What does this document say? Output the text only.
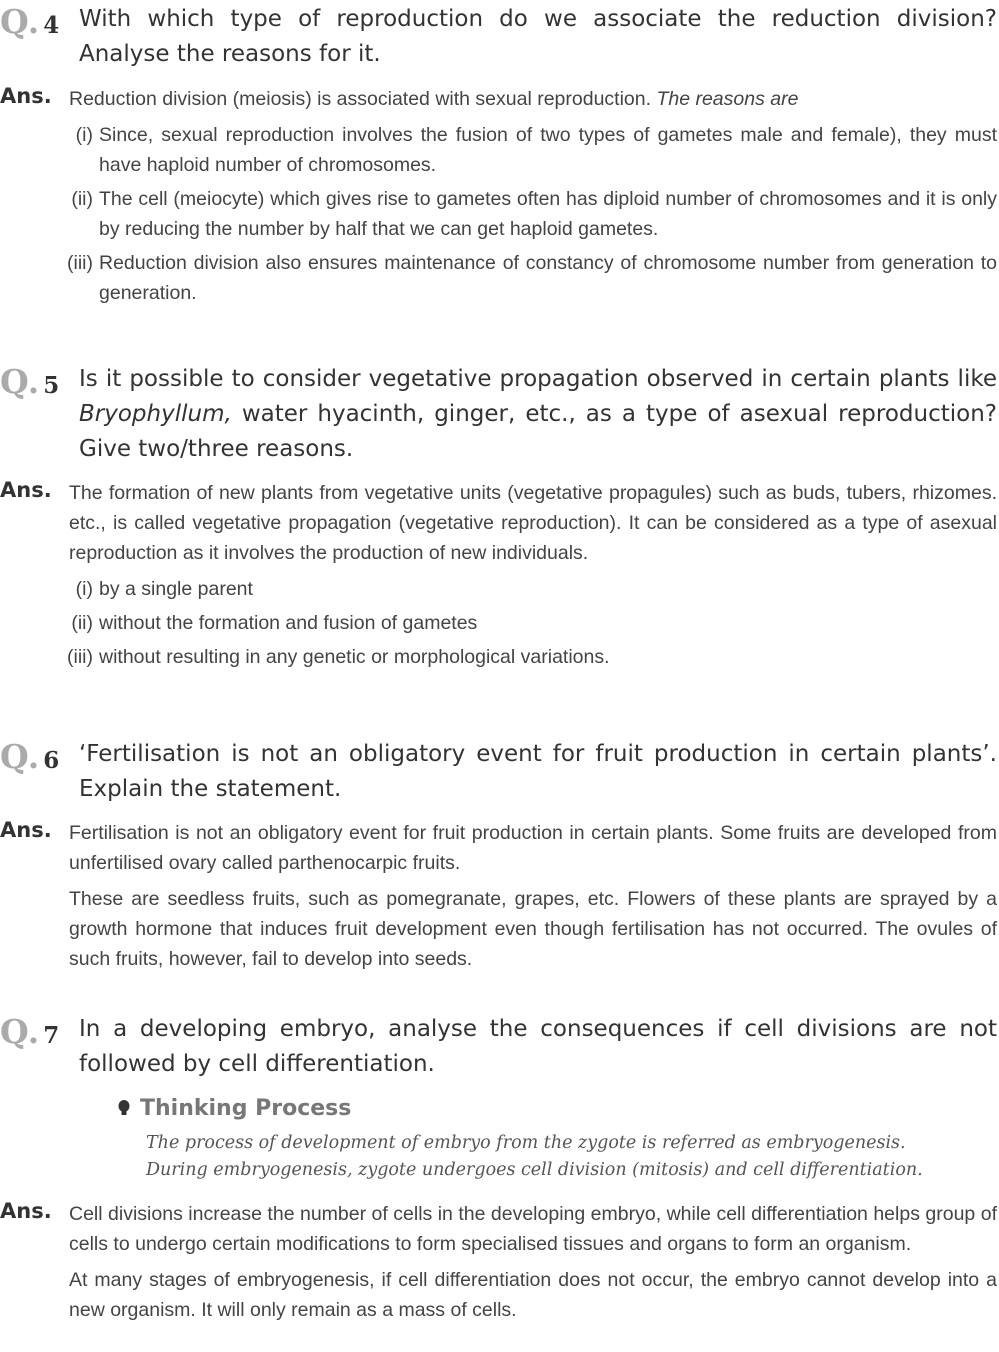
Q. 4 With which type of reproduction do we associate the reduction division? Analyse the reasons for it.
Ans. Reduction division (meiosis) is associated with sexual reproduction. The reasons are

(i) Since, sexual reproduction involves the fusion of two types of gametes male and female), they must have haploid number of chromosomes.
(ii) The cell (meiocyte) which gives rise to gametes often has diploid number of chromosomes and it is only by reducing the number by half that we can get haploid gametes.
(iii) Reduction division also ensures maintenance of constancy of chromosome number from generation to generation.
Q. 5 Is it possible to consider vegetative propagation observed in certain plants like Bryophyllum, water hyacinth, ginger, etc., as a type of asexual reproduction? Give two/three reasons.
Ans. The formation of new plants from vegetative units (vegetative propagules) such as buds, tubers, rhizomes. etc., is called vegetative propagation (vegetative reproduction). It can be considered as a type of asexual reproduction as it involves the production of new individuals.

(i) by a single parent
(ii) without the formation and fusion of gametes
(iii) without resulting in any genetic or morphological variations.
Q. 6 ‘Fertilisation is not an obligatory event for fruit production in certain plants’. Explain the statement.
Ans. Fertilisation is not an obligatory event for fruit production in certain plants. Some fruits are developed from unfertilised ovary called parthenocarpic fruits.

These are seedless fruits, such as pomegranate, grapes, etc. Flowers of these plants are sprayed by a growth hormone that induces fruit development even though fertilisation has not occurred. The ovules of such fruits, however, fail to develop into seeds.

Q. 7 In a developing embryo, analyse the consequences if cell divisions are not followed by cell differentiation.
Thinking Process
The process of development of embryo from the zygote is referred as embryogenesis.
During embryogenesis, zygote undergoes cell division (mitosis) and cell differentiation.
Ans. Cell divisions increase the number of cells in the developing embryo, while cell differentiation helps group of cells to undergo certain modifications to form specialised tissues and organs to form an organism.

At many stages of embryogenesis, if cell differentiation does not occur, the embryo cannot develop into a new organism. It will only remain as a mass of cells.
